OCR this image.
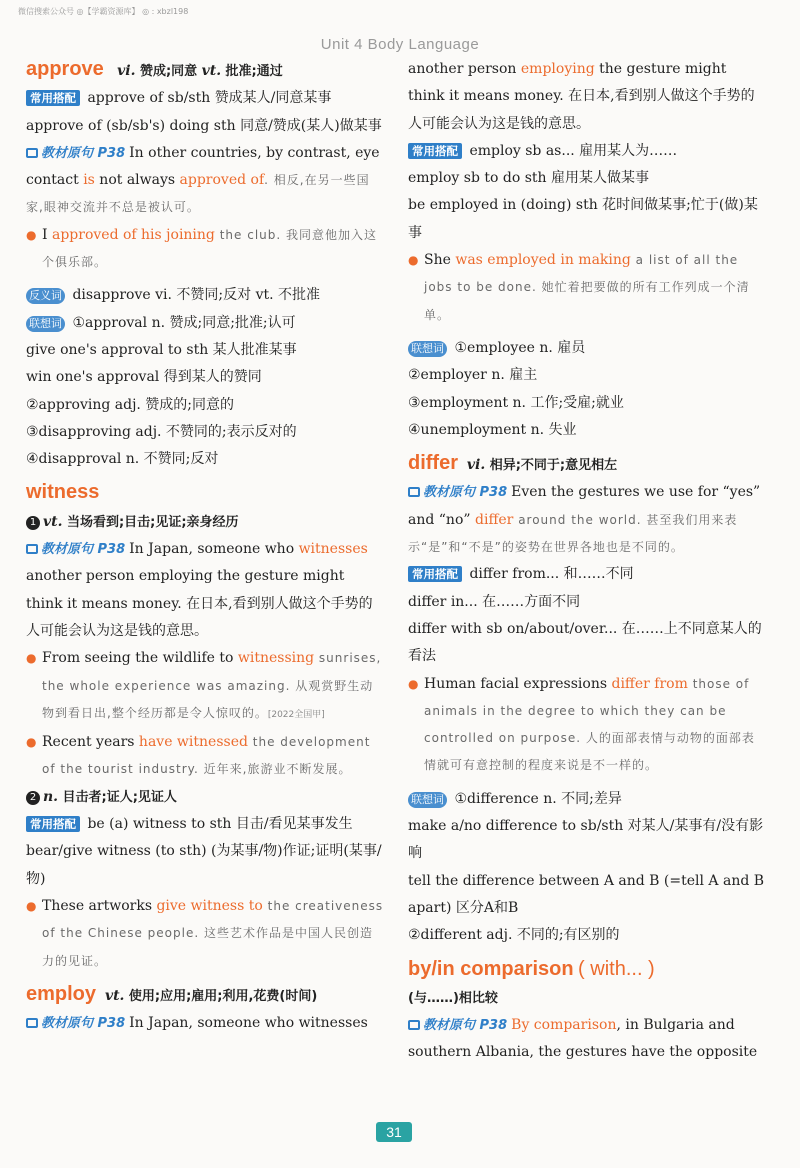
微信搜索公众号 ◎【学霸资源库】 ◎ : xbzl198
Unit 4 Body Language

approve vi. 赞成;同意 vt. 批准;通过

常用搭配 approve of sb/sth 赞成某人/同意某事

approve of (sb/sb's) doing sth 同意/赞成(某人)做某事

教材原句 P38 In other countries, by contrast, eye contact is not always approved of. 相反,在另一些国家,眼神交流并不总是被认可。

● I approved of his joining the club. 我同意他加入这个俱乐部。

反义词 disapprove vi. 不赞同;反对 vt. 不批准

联想词 ①approval n. 赞成;同意;批准;认可

give one's approval to sth 某人批准某事

win one's approval 得到某人的赞同

②approving adj. 赞成的;同意的

③disapproving adj. 不赞同的;表示反对的

④disapproval n. 不赞同;反对

witness

1 vt. 当场看到;目击;见证;亲身经历

教材原句 P38 In Japan, someone who witnesses another person employing the gesture might think it means money. 在日本,看到别人做这个手势的人可能会认为这是钱的意思。

● From seeing the wildlife to witnessing sunrises, the whole experience was amazing. 从观赏野生动物到看日出,整个经历都是令人惊叹的。[2022全国甲]
● Recent years have witnessed the development of the tourist industry. 近年来,旅游业不断发展。

2 n. 目击者;证人;见证人

常用搭配 be (a) witness to sth 目击/看见某事发生

bear/give witness (to sth) (为某事/物)作证;证明(某事/物)

● These artworks give witness to the creativeness of the Chinese people. 这些艺术作品是中国人民创造力的见证。

employ vt. 使用;应用;雇用;利用,花费(时间)

教材原句 P38 In Japan, someone who witnesses

another person employing the gesture might think it means money. 在日本,看到别人做这个手势的人可能会认为这是钱的意思。

常用搭配 employ sb as... 雇用某人为……

employ sb to do sth 雇用某人做某事

be employed in (doing) sth 花时间做某事;忙于(做)某事

● She was employed in making a list of all the jobs to be done. 她忙着把要做的所有工作列成一个清单。

联想词 ①employee n. 雇员

②employer n. 雇主

③employment n. 工作;受雇;就业

④unemployment n. 失业

differ vi. 相异;不同于;意见相左

教材原句 P38 Even the gestures we use for “yes” and “no” differ around the world. 甚至我们用来表示“是”和“不是”的姿势在世界各地也是不同的。

常用搭配 differ from... 和……不同

differ in... 在……方面不同

differ with sb on/about/over... 在……上不同意某人的看法

● Human facial expressions differ from those of animals in the degree to which they can be controlled on purpose. 人的面部表情与动物的面部表情就可有意控制的程度来说是不一样的。

联想词 ①difference n. 不同;差异

make a/no difference to sb/sth 对某人/某事有/没有影响

tell the difference between A and B (=tell A and B apart) 区分A和B

②different adj. 不同的;有区别的

by/in comparison ( with... )

(与……)相比较

教材原句 P38 By comparison, in Bulgaria and southern Albania, the gestures have the opposite

31
